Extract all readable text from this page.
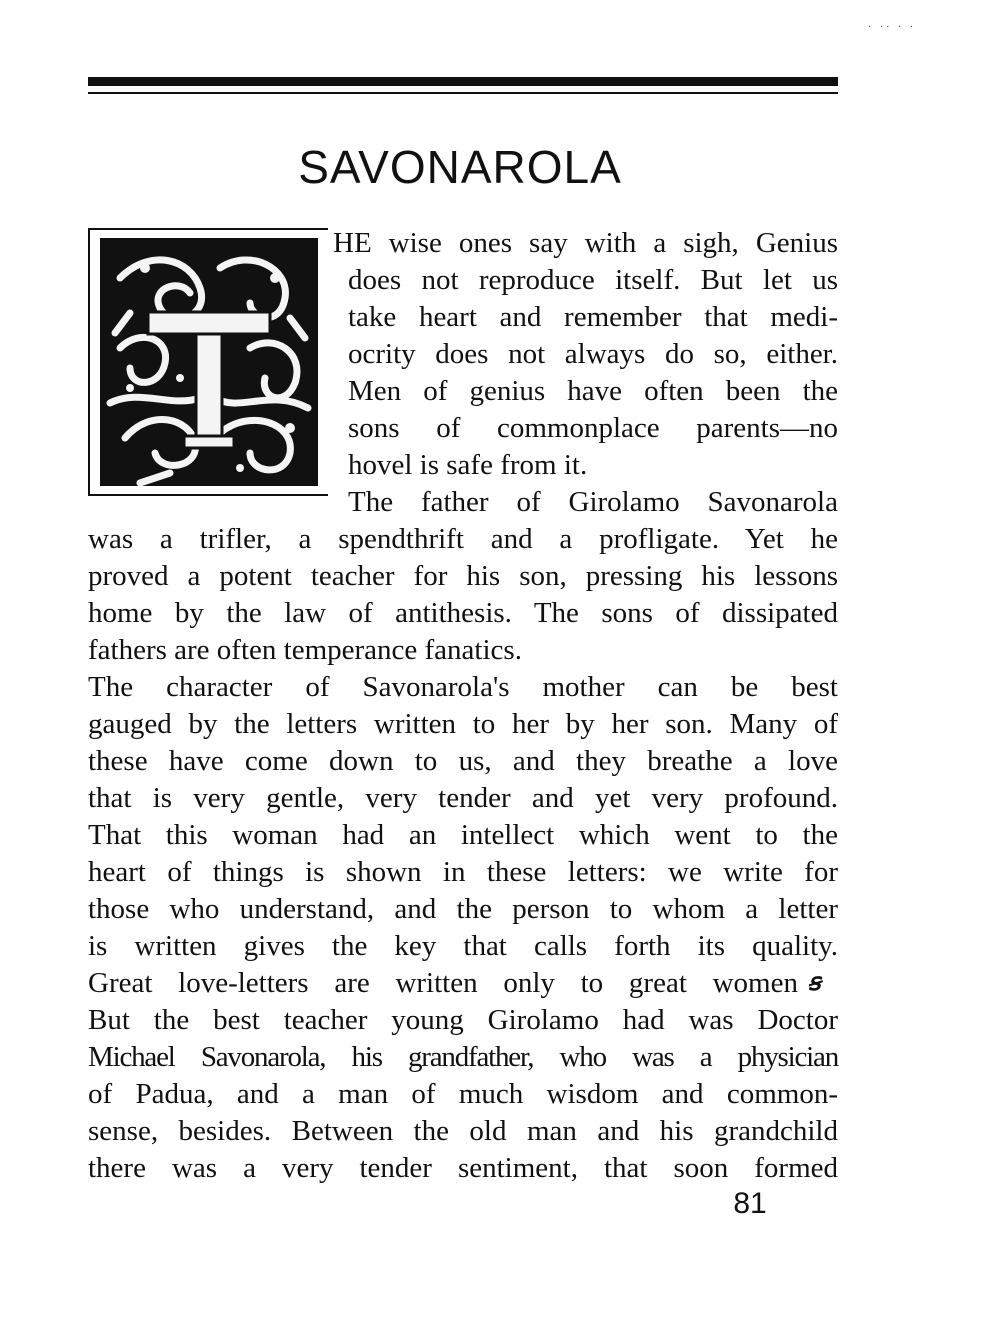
· ·· · ·
SAVONAROLA
T
HE wise ones say with a sigh, Genius
does not reproduce itself. But let us
take heart and remember that medi-
ocrity does not always do so, either.
Men of genius have often been the
sons of commonplace parents—no
hovel is safe from it.
The father of Girolamo Savonarola
was a trifler, a spendthrift and a profligate. Yet he
proved a potent teacher for his son, pressing his lessons
home by the law of antithesis. The sons of dissipated
fathers are often temperance fanatics.
The character of Savonarola's mother can be best
gauged by the letters written to her by her son. Many of
these have come down to us, and they breathe a love
that is very gentle, very tender and yet very profound.
That this woman had an intellect which went to the
heart of things is shown in these letters: we write for
those who understand, and the person to whom a letter
is written gives the key that calls forth its quality.
Great love-letters are written only to great women ꞩ
But the best teacher young Girolamo had was Doctor
Michael Savonarola, his grandfather, who was a physician
of Padua, and a man of much wisdom and common-
sense, besides. Between the old man and his grandchild
there was a very tender sentiment, that soon formed
81
